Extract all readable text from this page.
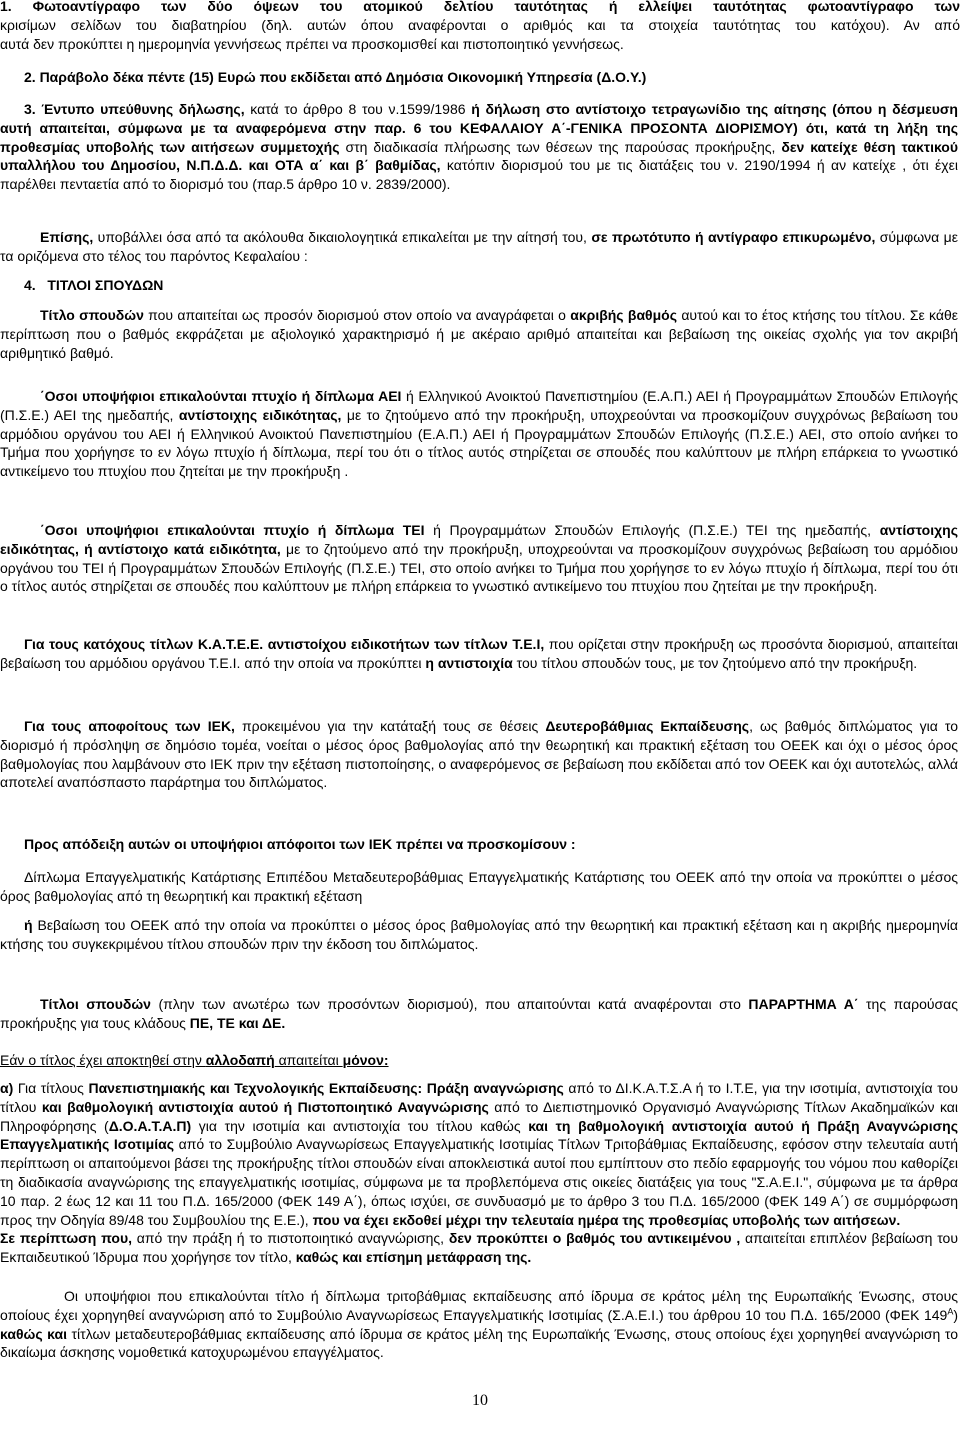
1. Φωτοαντίγραφο των δύο όψεων του ατομικού δελτίου ταυτότητας ή ελλείψει ταυτότητας φωτοαντίγραφο των
κρισίμων σελίδων του διαβατηρίου (δηλ. αυτών όπου αναφέρονται ο αριθμός και τα στοιχεία ταυτότητας του κατόχου). Αν από
αυτά δεν προκύπτει η ημερομηνία γεννήσεως πρέπει να προσκομισθεί και πιστοποιητικό γεννήσεως.
2. Παράβολο δέκα πέντε (15) Ευρώ που εκδίδεται από Δημόσια Οικονομική Υπηρεσία (Δ.Ο.Υ.)
3. Έντυπο υπεύθυνης δήλωσης, κατά το άρθρο 8 του ν.1599/1986 ή δήλωση στο αντίστοιχο τετραγωνίδιο της αίτησης (όπου η δέσμευση αυτή απαιτείται, σύμφωνα με τα αναφερόμενα στην παρ. 6 του ΚΕΦΑΛΑΙΟΥ Α΄-ΓΕΝΙΚΑ ΠΡΟΣΟΝΤΑ ΔΙΟΡΙΣΜΟΥ) ότι, κατά τη λήξη της προθεσμίας υποβολής των αιτήσεων συμμετοχής στη διαδικασία πλήρωσης των θέσεων της παρούσας προκήρυξης, δεν κατείχε θέση τακτικού υπαλλήλου του Δημοσίου, Ν.Π.Δ.Δ. και ΟΤΑ α΄ και β΄ βαθμίδας, κατόπιν διορισμού του με τις διατάξεις του ν. 2190/1994 ή αν κατείχε , ότι έχει παρέλθει πενταετία από το διορισμό του (παρ.5 άρθρο 10 ν. 2839/2000).
Επίσης, υποβάλλει όσα από τα ακόλουθα δικαιολογητικά επικαλείται με την αίτησή του, σε πρωτότυπο ή αντίγραφο επικυρωμένο, σύμφωνα με τα οριζόμενα στο τέλος του παρόντος Κεφαλαίου :
4.   ΤΙΤΛΟΙ ΣΠΟΥΔΩΝ
Τίτλο σπουδών που απαιτείται ως προσόν διορισμού στον οποίο να αναγράφεται ο ακριβής βαθμός αυτού και το έτος κτήσης του τίτλου. Σε κάθε περίπτωση που ο βαθμός εκφράζεται με αξιολογικό χαρακτηρισμό ή με ακέραιο αριθμό απαιτείται και βεβαίωση της οικείας σχολής για τον ακριβή αριθμητικό βαθμό.
΄Οσοι υποψήφιοι επικαλούνται πτυχίο ή δίπλωμα ΑΕΙ ή Ελληνικού Ανοικτού Πανεπιστημίου (Ε.Α.Π.) ΑΕΙ ή Προγραμμάτων Σπουδών Επιλογής (Π.Σ.Ε.) ΑΕΙ της ημεδαπής, αντίστοιχης ειδικότητας, με το ζητούμενο από την προκήρυξη, υποχρεούνται να προσκομίζουν συγχρόνως βεβαίωση του αρμόδιου οργάνου του ΑΕΙ ή Ελληνικού Ανοικτού Πανεπιστημίου (Ε.Α.Π.) ΑΕΙ ή Προγραμμάτων Σπουδών Επιλογής (Π.Σ.Ε.) ΑΕΙ, στο οποίο ανήκει το Τμήμα που χορήγησε το εν λόγω πτυχίο ή δίπλωμα, περί του ότι ο τίτλος αυτός στηρίζεται σε σπουδές που καλύπτουν με πλήρη επάρκεια το γνωστικό αντικείμενο του πτυχίου που ζητείται με την προκήρυξη .
΄Οσοι υποψήφιοι επικαλούνται πτυχίο ή δίπλωμα ΤΕΙ ή Προγραμμάτων Σπουδών Επιλογής (Π.Σ.Ε.) ΤΕΙ της ημεδαπής, αντίστοιχης ειδικότητας, ή αντίστοιχο κατά ειδικότητα, με το ζητούμενο από την προκήρυξη, υποχρεούνται να προσκομίζουν συγχρόνως βεβαίωση του αρμόδιου οργάνου του ΤΕΙ ή Προγραμμάτων Σπουδών Επιλογής (Π.Σ.Ε.) ΤΕΙ, στο οποίο ανήκει το Τμήμα που χορήγησε το εν λόγω πτυχίο ή δίπλωμα, περί του ότι ο τίτλος αυτός στηρίζεται σε σπουδές που καλύπτουν με πλήρη επάρκεια το γνωστικό αντικείμενο του πτυχίου που ζητείται με την προκήρυξη.
Για τους κατόχους τίτλων Κ.Α.Τ.Ε.Ε. αντιστοίχου ειδικοτήτων των τίτλων Τ.Ε.Ι, που ορίζεται στην προκήρυξη ως προσόντα διορισμού, απαιτείται βεβαίωση του αρμόδιου οργάνου Τ.Ε.Ι. από την οποία να προκύπτει η αντιστοιχία του τίτλου σπουδών τους, με τον ζητούμενο από την προκήρυξη.
Για τους αποφοίτους των ΙΕΚ, προκειμένου για την κατάταξή τους σε θέσεις Δευτεροβάθμιας Εκπαίδευσης, ως βαθμός διπλώματος για το διορισμό ή πρόσληψη σε δημόσιο τομέα, νοείται ο μέσος όρος βαθμολογίας από την θεωρητική και πρακτική εξέταση του ΟΕΕΚ και όχι ο μέσος όρος βαθμολογίας που λαμβάνουν στο ΙΕΚ πριν την εξέταση πιστοποίησης, ο αναφερόμενος σε βεβαίωση που εκδίδεται από τον ΟΕΕΚ και όχι αυτοτελώς, αλλά αποτελεί αναπόσπαστο παράρτημα του διπλώματος.
Προς απόδειξη αυτών οι υποψήφιοι απόφοιτοι των ΙΕΚ πρέπει να προσκομίσουν :
Δίπλωμα Επαγγελματικής Κατάρτισης Επιπέδου Μεταδευτεροβάθμιας Επαγγελματικής Κατάρτισης του ΟΕΕΚ από την οποία να προκύπτει ο μέσος όρος βαθμολογίας από τη θεωρητική και πρακτική εξέταση
ή Βεβαίωση του ΟΕΕΚ από την οποία να προκύπτει ο μέσος όρος βαθμολογίας από την θεωρητική και πρακτική εξέταση και η ακριβής ημερομηνία κτήσης του συγκεκριμένου τίτλου σπουδών πριν την έκδοση του διπλώματος.
Τίτλοι σπουδών (πλην των ανωτέρω των προσόντων διορισμού), που απαιτούνται κατά αναφέρονται στο ΠΑΡΑΡΤΗΜΑ Α΄ της παρούσας προκήρυξης για τους κλάδους ΠΕ, ΤΕ και ΔΕ.
Εάν ο τίτλος έχει αποκτηθεί στην αλλοδαπή απαιτείται μόνον:
α) Για τίτλους Πανεπιστημιακής και Τεχνολογικής Εκπαίδευσης: Πράξη αναγνώρισης από το ΔΙ.Κ.Α.Τ.Σ.Α ή το Ι.Τ.Ε, για την ισοτιμία, αντιστοιχία του τίτλου και βαθμολογική αντιστοιχία αυτού ή Πιστοποιητικό Αναγνώρισης από το Διεπιστημονικό Οργανισμό Αναγνώρισης Τίτλων Ακαδημαϊκών και Πληροφόρησης (Δ.Ο.Α.Τ.Α.Π) για την ισοτιμία και αντιστοιχία του τίτλου καθώς και τη βαθμολογική αντιστοιχία αυτού ή Πράξη Αναγνώρισης Επαγγελματικής Ισοτιμίας από το Συμβούλιο Αναγνωρίσεως Επαγγελματικής Ισοτιμίας Τίτλων Τριτοβάθμιας Εκπαίδευσης, εφόσον στην τελευταία αυτή περίπτωση οι απαιτούμενοι βάσει της προκήρυξης τίτλοι σπουδών είναι αποκλειστικά αυτοί που εμπίπτουν στο πεδίο εφαρμογής του νόμου που καθορίζει τη διαδικασία αναγνώρισης της επαγγελματικής ισοτιμίας, σύμφωνα με τα προβλεπόμενα στις οικείες διατάξεις για τους "Σ.Α.Ε.Ι.", σύμφωνα με τα άρθρα 10 παρ. 2 έως 12 και 11 του Π.Δ. 165/2000 (ΦΕΚ 149 Α΄), όπως ισχύει, σε συνδυασμό με το άρθρο 3 του Π.Δ. 165/2000 (ΦΕΚ 149 Α΄) σε συμμόρφωση προς την Οδηγία 89/48 του Συμβουλίου της Ε.Ε.), που να έχει εκδοθεί μέχρι την τελευταία ημέρα της προθεσμίας υποβολής των αιτήσεων.
Σε περίπτωση που, από την πράξη ή το πιστοποιητικό αναγνώρισης, δεν προκύπτει ο βαθμός του αντικειμένου , απαιτείται επιπλέον βεβαίωση του Εκπαιδευτικού Ίδρυμα που χορήγησε τον τίτλο, καθώς και επίσημη μετάφραση της.
Οι υποψήφιοι που επικαλούνται τίτλο ή δίπλωμα τριτοβάθμιας εκπαίδευσης από ίδρυμα σε κράτος μέλη της Ευρωπαϊκής Ένωσης, στους οποίους έχει χορηγηθεί αναγνώριση από το Συμβούλιο Αναγνωρίσεως Επαγγελματικής Ισοτιμίας (Σ.Α.Ε.Ι.) του άρθρου 10 του Π.Δ. 165/2000 (ΦΕΚ $149^A$) καθώς και τίτλων μεταδευτεροβάθμιας εκπαίδευσης από ίδρυμα σε κράτος μέλη της Ευρωπαϊκής Ένωσης, στους οποίους έχει χορηγηθεί αναγνώριση το δικαίωμα άσκησης νομοθετικά κατοχυρωμένου επαγγέλματος.
10
